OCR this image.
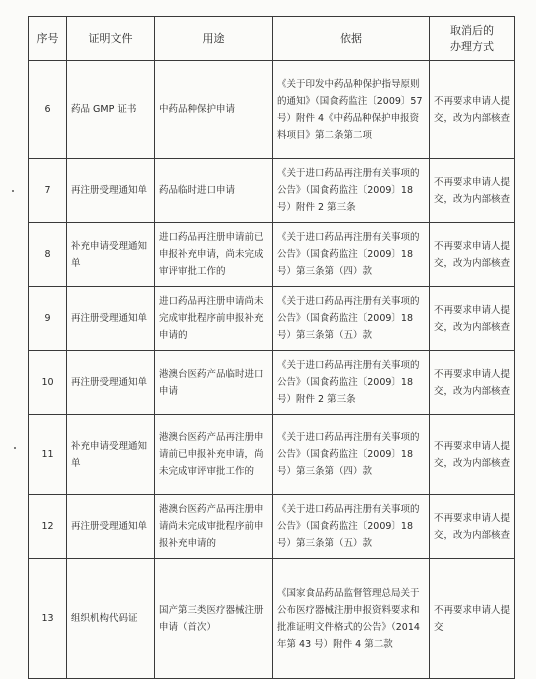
序号	证明文件	用途	依据	取消后的
办理方式
6	药品 GMP 证书	中药品种保护申请	《关于印发中药品种保护指导原则的通知》（国食药监注〔2009〕57 号）附件 4《中药品种保护申报资料项目》第二条第二项	不再要求申请人提交，改为内部核查
7	再注册受理通知单	药品临时进口申请	《关于进口药品再注册有关事项的公告》（国食药监注〔2009〕18 号）附件 2 第三条	不再要求申请人提交，改为内部核查
8	补充申请受理通知单	进口药品再注册申请前已申报补充申请，尚未完成审评审批工作的	《关于进口药品再注册有关事项的公告》（国食药监注〔2009〕18 号）第三条第（四）款	不再要求申请人提交，改为内部核查
9	再注册受理通知单	进口药品再注册申请尚未完成审批程序前申报补充申请的	《关于进口药品再注册有关事项的公告》（国食药监注〔2009〕18 号）第三条第（五）款	不再要求申请人提交，改为内部核查
10	再注册受理通知单	港澳台医药产品临时进口申请	《关于进口药品再注册有关事项的公告》（国食药监注〔2009〕18 号）附件 2 第三条	不再要求申请人提交，改为内部核查
11	补充申请受理通知单	港澳台医药产品再注册申请前已申报补充申请，尚未完成审评审批工作的	《关于进口药品再注册有关事项的公告》（国食药监注〔2009〕18 号）第三条第（四）款	不再要求申请人提交，改为内部核查
12	再注册受理通知单	港澳台医药产品再注册申请尚未完成审批程序前申报补充申请的	《关于进口药品再注册有关事项的公告》（国食药监注〔2009〕18 号）第三条第（五）款	不再要求申请人提交，改为内部核查
13	组织机构代码证	国产第三类医疗器械注册申请（首次）	《国家食品药品监督管理总局关于公布医疗器械注册申报资料要求和批准证明文件格式的公告》（2014 年第 43 号）附件 4 第二款	不再要求申请人提交
